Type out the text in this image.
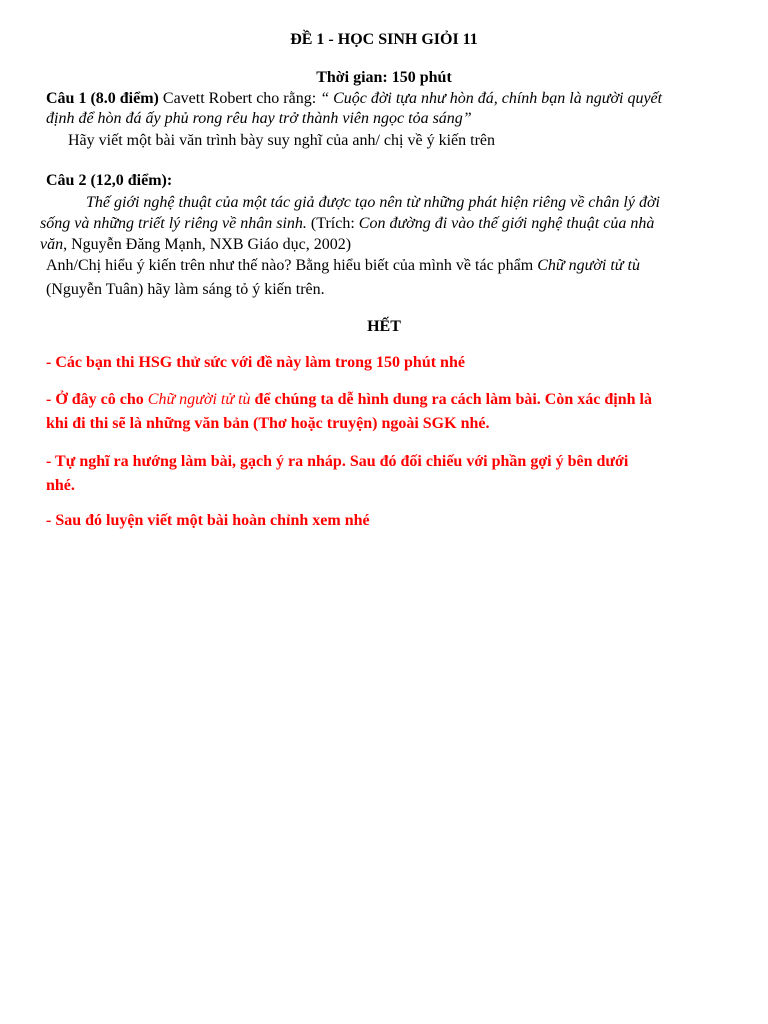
ĐỀ 1 - HỌC SINH GIỎI 11
Thời gian: 150 phút
Câu 1 (8.0 điểm) Cavett Robert cho rằng: “ Cuộc đời tựa như hòn đá, chính bạn là người quyết
định để hòn đá ấy phủ rong rêu hay trở thành viên ngọc tỏa sáng”
Hãy viết một bài văn trình bày suy nghĩ của anh/ chị về ý kiến trên
Câu 2 (12,0 điểm):
Thế giới nghệ thuật của một tác giả được tạo nên từ những phát hiện riêng về chân lý đời
sống và những triết lý riêng về nhân sinh. (Trích: Con đường đi vào thế giới nghệ thuật của nhà
văn, Nguyễn Đăng Mạnh, NXB Giáo dục, 2002)
Anh/Chị hiểu ý kiến trên như thế nào? Bằng hiểu biết của mình về tác phẩm Chữ người tử tù
(Nguyễn Tuân) hãy làm sáng tỏ ý kiến trên.
HẾT
- Các bạn thi HSG thử sức với đề này làm trong 150 phút nhé
- Ở đây cô cho Chữ người tử tù để chúng ta dễ hình dung ra cách làm bài. Còn xác định là
khi đi thi sẽ là những văn bản (Thơ hoặc truyện) ngoài SGK nhé.
- Tự nghĩ ra hướng làm bài, gạch ý ra nháp. Sau đó đối chiếu với phần gợi ý bên dưới
nhé.
- Sau đó luyện viết một bài hoàn chỉnh xem nhé
